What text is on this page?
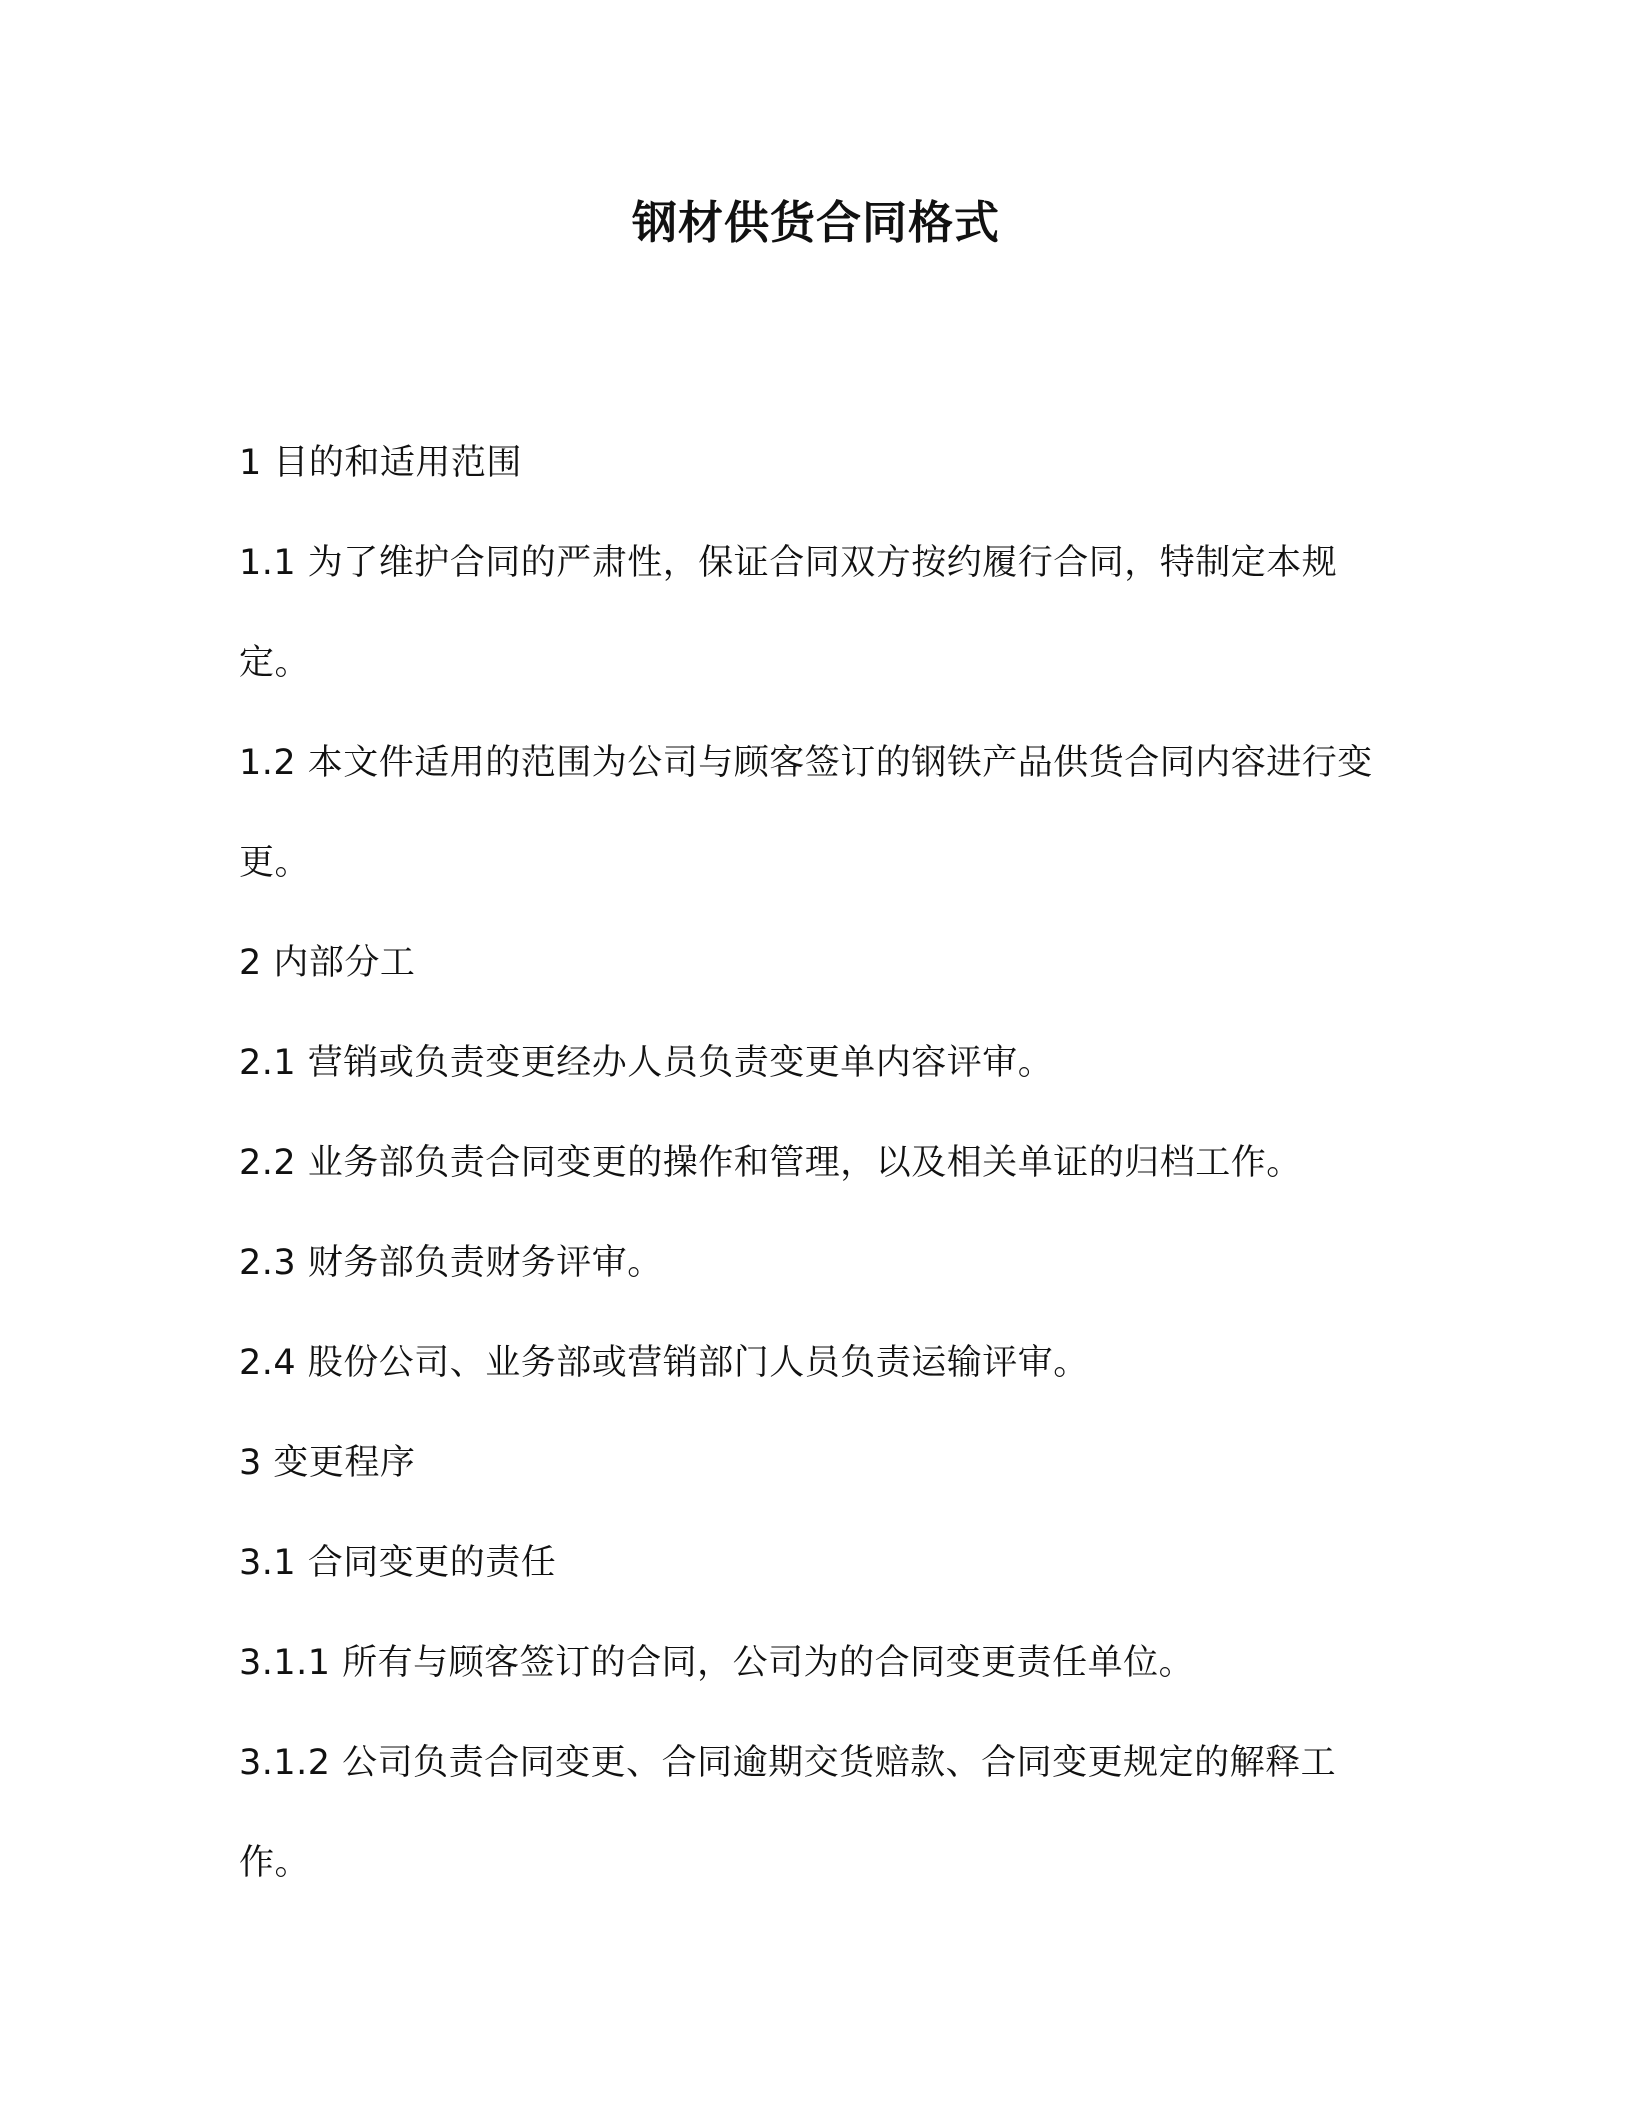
钢材供货合同格式

1 目的和适用范围

1.1 为了维护合同的严肃性，保证合同双方按约履行合同，特制定本规定。

1.2 本文件适用的范围为公司与顾客签订的钢铁产品供货合同内容进行变更。

2 内部分工

2.1 营销或负责变更经办人员负责变更单内容评审。

2.2 业务部负责合同变更的操作和管理，以及相关单证的归档工作。

2.3 财务部负责财务评审。

2.4 股份公司、业务部或营销部门人员负责运输评审。

3 变更程序

3.1 合同变更的责任

3.1.1 所有与顾客签订的合同，公司为的合同变更责任单位。

3.1.2 公司负责合同变更、合同逾期交货赔款、合同变更规定的解释工作。
